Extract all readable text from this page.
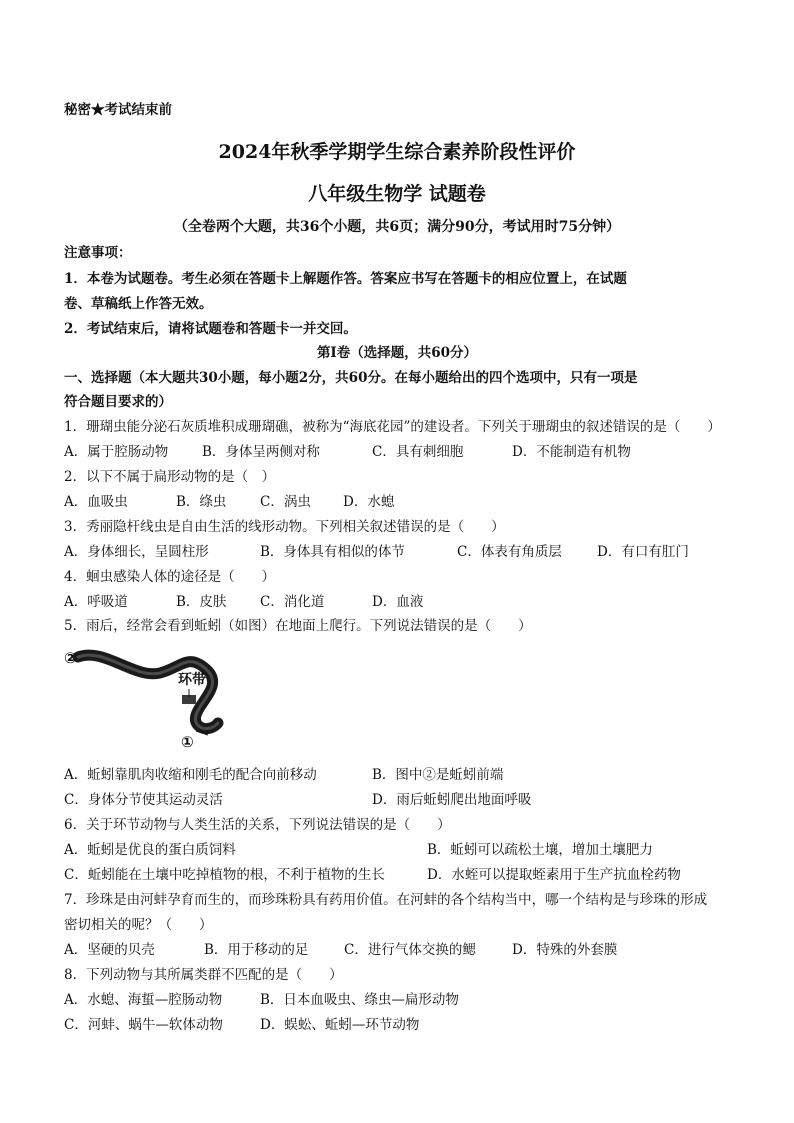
秘密★考试结束前
2024年秋季学期学生综合素养阶段性评价
八年级生物学 试题卷
（全卷两个大题，共36个小题，共6页；满分90分，考试用时75分钟）
注意事项：
1．本卷为试题卷。考生必须在答题卡上解题作答。答案应书写在答题卡的相应位置上，在试题
卷、草稿纸上作答无效。
2．考试结束后，请将试题卷和答题卡一并交回。
第Ⅰ卷（选择题，共60分）
一、选择题（本大题共30小题，每小题2分，共60分。在每小题给出的四个选项中，只有一项是
符合题目要求的）
1．珊瑚虫能分泌石灰质堆积成珊瑚礁，被称为“海底花园”的建设者。下列关于珊瑚虫的叙述错误的是（　　）
A．属于腔肠动物	B．身体呈两侧对称	C．具有刺细胞	D．不能制造有机物
2．以下不属于扁形动物的是（　）
A．血吸虫	B．绦虫 C．涡虫 D．水螅
3．秀丽隐杆线虫是自由生活的线形动物。下列相关叙述错误的是（　　）
A．身体细长，呈圆柱形	B．身体具有相似的体节	C．体表有角质层	D．有口有肛门
4．蛔虫感染人体的途径是（　　）
A．呼吸道	B．皮肤 C．消化道	D．血液
5．雨后，经常会看到蚯蚓（如图）在地面上爬行。下列说法错误的是（　　）
环带
②
①
A．蚯蚓靠肌肉收缩和刚毛的配合向前移动	B．图中②是蚯蚓前端
C．身体分节使其运动灵活	D．雨后蚯蚓爬出地面呼吸
6．关于环节动物与人类生活的关系，下列说法错误的是（　　）
A．蚯蚓是优良的蛋白质饲料	B．蚯蚓可以疏松土壤，增加土壤肥力
C．蚯蚓能在土壤中吃掉植物的根，不利于植物的生长	D．水蛭可以提取蛭素用于生产抗血栓药物
7．珍珠是由河蚌孕育而生的，而珍珠粉具有药用价值。在河蚌的各个结构当中，哪一个结构是与珍珠的形成
密切相关的呢？（　　）
A．坚硬的贝壳	B．用于移动的足	C．进行气体交换的鳃	D．特殊的外套膜
8．下列动物与其所属类群不匹配的是（　　）
A．水螅、海蜇—腔肠动物	B．日本血吸虫、绦虫—扁形动物
C．河蚌、蜗牛—软体动物	D．蜈蚣、蚯蚓—环节动物
